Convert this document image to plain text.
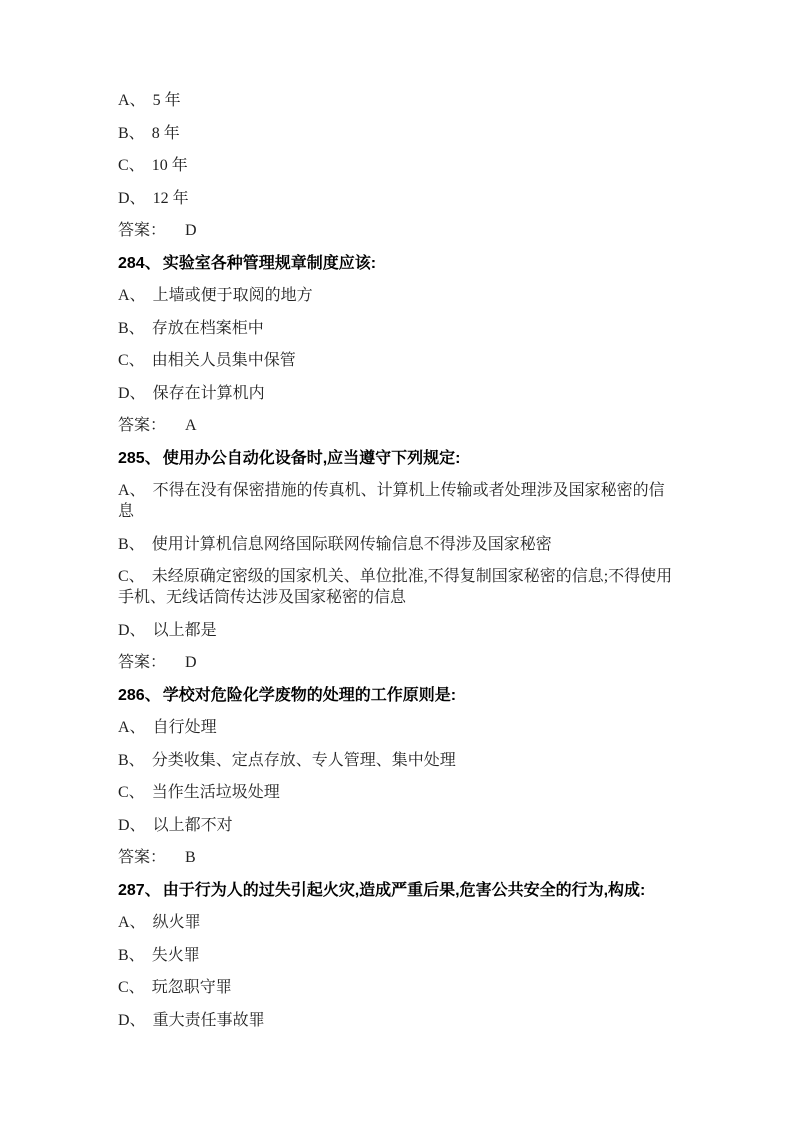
A、 5 年

B、 8 年

C、 10 年

D、 12 年

答案： D

284、 实验室各种管理规章制度应该:

A、 上墙或便于取阅的地方

B、 存放在档案柜中

C、 由相关人员集中保管

D、 保存在计算机内

答案： A

285、 使用办公自动化设备时,应当遵守下列规定:

A、 不得在没有保密措施的传真机、计算机上传输或者处理涉及国家秘密的信息

B、 使用计算机信息网络国际联网传输信息不得涉及国家秘密

C、 未经原确定密级的国家机关、单位批准,不得复制国家秘密的信息;不得使用手机、无线话筒传达涉及国家秘密的信息

D、 以上都是

答案： D

286、 学校对危险化学废物的处理的工作原则是:

A、 自行处理

B、 分类收集、定点存放、专人管理、集中处理

C、 当作生活垃圾处理

D、 以上都不对

答案： B

287、 由于行为人的过失引起火灾,造成严重后果,危害公共安全的行为,构成:

A、 纵火罪

B、 失火罪

C、 玩忽职守罪

D、 重大责任事故罪
